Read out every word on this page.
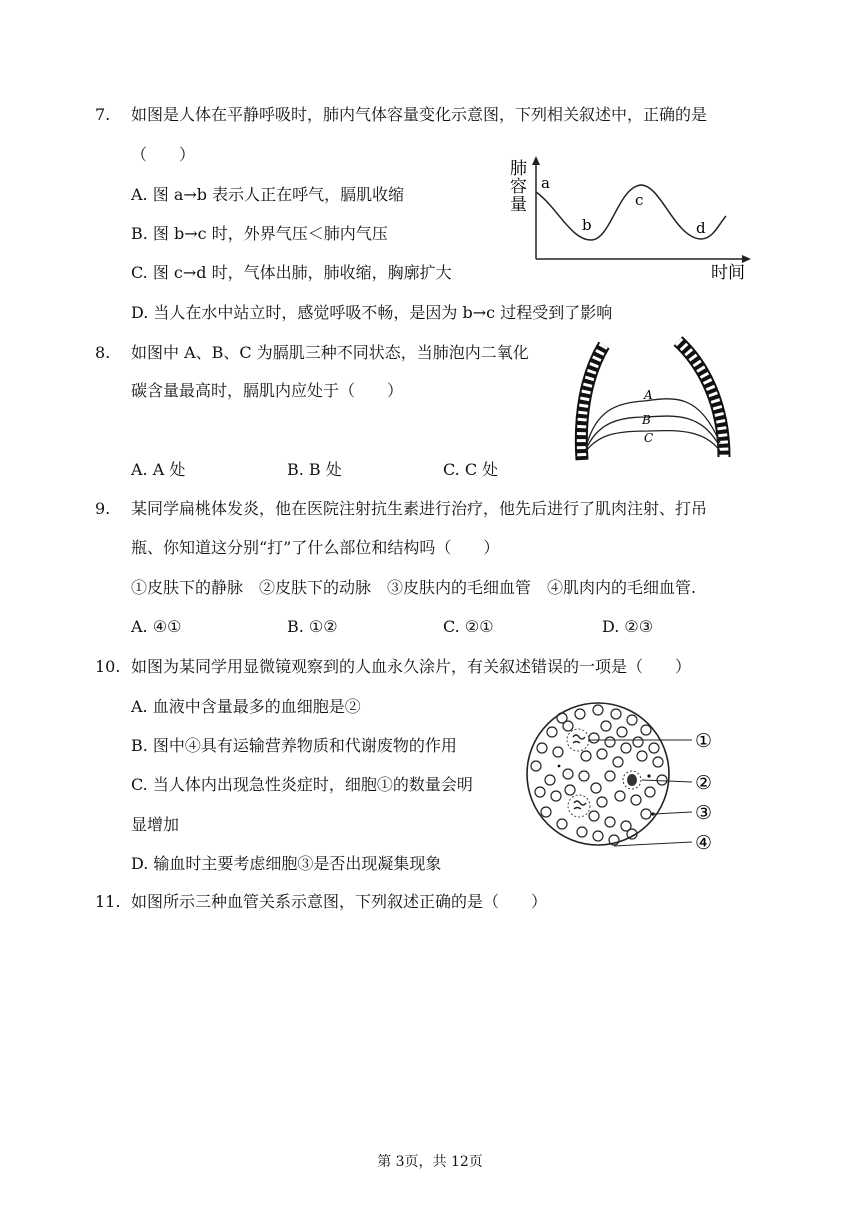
7. 如图是人体在平静呼吸时，肺内气体容量变化示意图，下列相关叙述中，正确的是
（　　）
A. 图 a→b 表示人正在呼气，膈肌收缩
B. 图 b→c 时，外界气压＜肺内气压
C. 图 c→d 时，气体出肺，肺收缩，胸廓扩大
D. 当人在水中站立时，感觉呼吸不畅，是因为 b→c 过程受到了影响
肺
容
量
a
b
c
d
时间
8. 如图中 A、B、C 为膈肌三种不同状态，当肺泡内二氧化
碳含量最高时，膈肌内应处于（　　）
A. A 处	B. B 处	C. C 处
A
B
C
9. 某同学扁桃体发炎，他在医院注射抗生素进行治疗，他先后进行了肌肉注射、打吊
瓶、你知道这分别“打”了什么部位和结构吗（　　）
①皮肤下的静脉　②皮肤下的动脉　③皮肤内的毛细血管　④肌肉内的毛细血管.
A. ④①	B. ①②	C. ②①	D. ②③
10. 如图为某同学用显微镜观察到的人血永久涂片，有关叙述错误的一项是（　　）
A. 血液中含量最多的血细胞是②
B. 图中④具有运输营养物质和代谢废物的作用
C. 当人体内出现急性炎症时，细胞①的数量会明
显增加
D. 输血时主要考虑细胞③是否出现凝集现象
①
②
③
④
11. 如图所示三种血管关系示意图，下列叙述正确的是（　　）
第 3页，共 12页
